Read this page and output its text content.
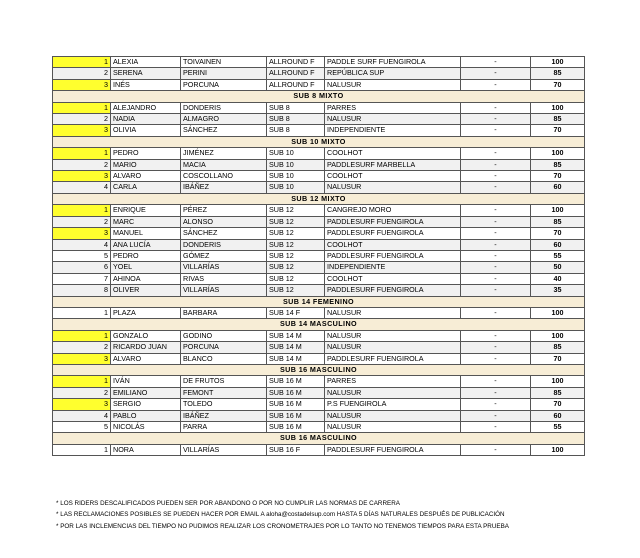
1	ALEXIA	TOIVAINEN	ALLROUND F	PADDLE SURF FUENGIROLA	-	100
2	SERENA	PERINI	ALLROUND F	REPÚBLICA SUP	-	85
3	INÉS	PORCUNA	ALLROUND F	NALUSUR	-	70
SUB 8 MIXTO						
1	ALEJANDRO	DONDERIS	SUB 8	PARRES	-	100
2	NADIA	ALMAGRO	SUB 8	NALUSUR	-	85
3	OLIVIA	SÁNCHEZ	SUB 8	INDEPENDIENTE	-	70
SUB 10 MIXTO						
1	PEDRO	JIMÉNEZ	SUB 10	COOLHOT	-	100
2	MARIO	MACIA	SUB 10	PADDLESURF MARBELLA	-	85
3	ALVARO	COSCOLLANO	SUB 10	COOLHOT	-	70
4	CARLA	IBÁÑEZ	SUB 10	NALUSUR	-	60
SUB 12 MIXTO						
1	ENRIQUE	PÉREZ	SUB 12	CANGREJO MORO	-	100
2	MARC	ALONSO	SUB 12	PADDLESURF FUENGIROLA	-	85
3	MANUEL	SÁNCHEZ	SUB 12	PADDLESURF FUENGIROLA	-	70
4	ANA LUCÍA	DONDERIS	SUB 12	COOLHOT	-	60
5	PEDRO	GÓMEZ	SUB 12	PADDLESURF FUENGIROLA	-	55
6	YOEL	VILLARÍAS	SUB 12	INDEPENDIENTE	-	50
7	AHINOA	RIVAS	SUB 12	COOLHOT	-	40
8	OLIVER	VILLARÍAS	SUB 12	PADDLESURF FUENGIROLA	-	35
SUB 14 FEMENINO						
1	PLAZA	BARBARA	SUB 14 F	NALUSUR	-	100
SUB 14 MASCULINO						
1	GONZALO	GODINO	SUB 14 M	NALUSUR	-	100
2	RICARDO JUAN	PORCUNA	SUB 14 M	NALUSUR	-	85
3	ALVARO	BLANCO	SUB 14 M	PADDLESURF FUENGIROLA	-	70
SUB 16 MASCULINO						
1	IVÁN	DE FRUTOS	SUB 16 M	PARRES	-	100
2	EMILIANO	FEMONT	SUB 16 M	NALUSUR	-	85
3	SERGIO	TOLEDO	SUB 16 M	P.S FUENGIROLA	-	70
4	PABLO	IBÁÑEZ	SUB 16 M	NALUSUR	-	60
5	NICOLÁS	PARRA	SUB 16 M	NALUSUR	-	55
SUB 16 MASCULINO						
1	NORA	VILLARÍAS	SUB 16 F	PADDLESURF FUENGIROLA	-	100
* LOS RIDERS DESCALIFICADOS PUEDEN SER POR ABANDONO O POR NO CUMPLIR LAS NORMAS DE CARRERA
* LAS RECLAMACIONES POSIBLES SE PUEDEN HACER POR EMAIL A aloha@costadelsup.com HASTA 5 DÍAS NATURALES DESPUÉS DE PUBLICACIÓN
* POR LAS INCLEMENCIAS DEL TIEMPO NO PUDIMOS REALIZAR LOS CRONOMETRAJES POR LO TANTO NO TENEMOS TIEMPOS PARA ESTA PRUEBA
